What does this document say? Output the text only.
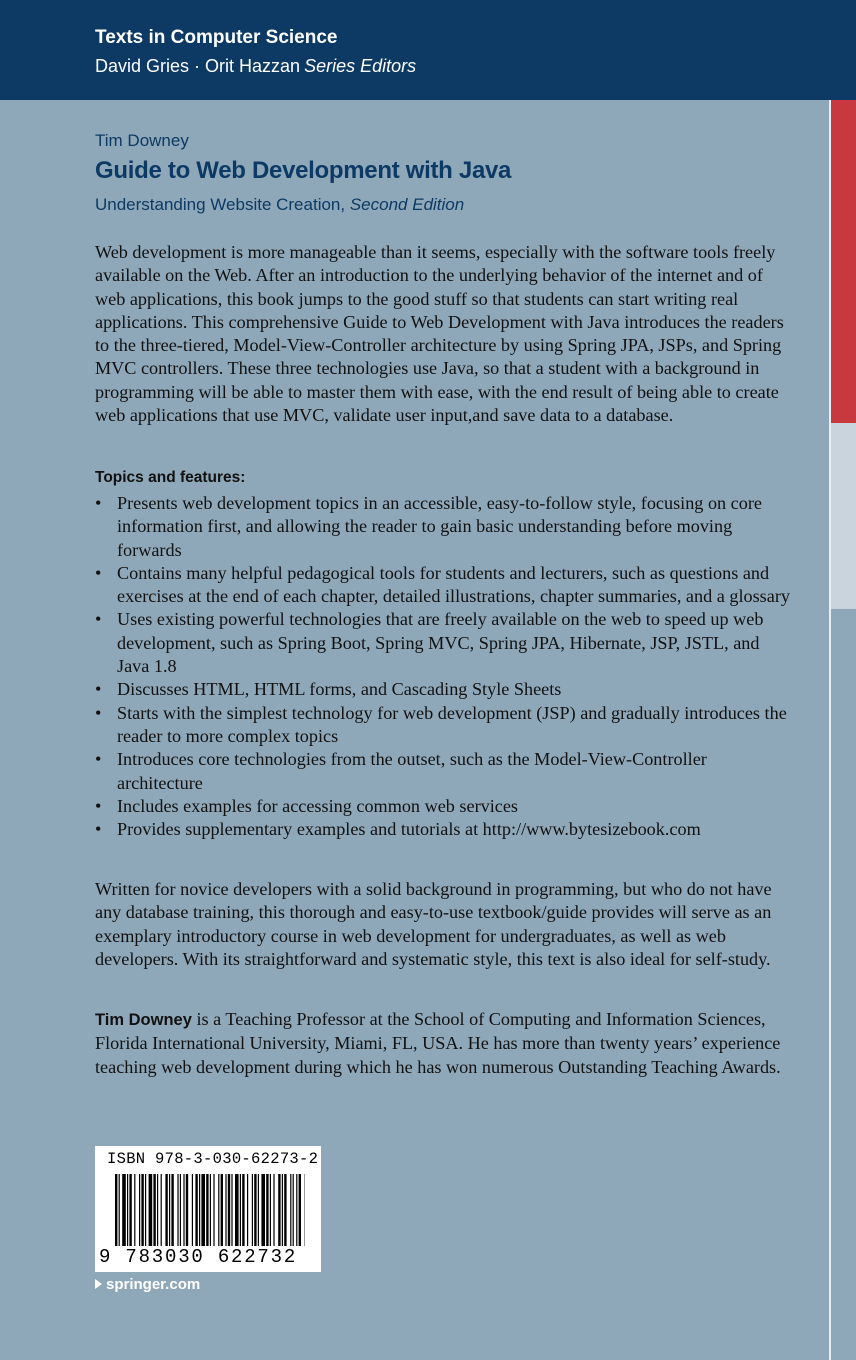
Texts in Computer Science
David Gries · Orit Hazzan Series Editors
Tim Downey
Guide to Web Development with Java
Understanding Website Creation, Second Edition
Web development is more manageable than it seems, especially with the software tools freely available on the Web. After an introduction to the underlying behavior of the internet and of web applications, this book jumps to the good stuff so that students can start writing real applications. This comprehensive Guide to Web Development with Java introduces the readers to the three-tiered, Model-View-Controller architecture by using Spring JPA, JSPs, and Spring MVC controllers. These three technologies use Java, so that a student with a background in programming will be able to master them with ease, with the end result of being able to create web applications that use MVC, validate user input,and save data to a database.
Topics and features:
• Presents web development topics in an accessible, easy-to-follow style, focusing on core information first, and allowing the reader to gain basic understanding before moving forwards
• Contains many helpful pedagogical tools for students and lecturers, such as questions and exercises at the end of each chapter, detailed illustrations, chapter summaries, and a glossary
• Uses existing powerful technologies that are freely available on the web to speed up web development, such as Spring Boot, Spring MVC, Spring JPA, Hibernate, JSP, JSTL, and Java 1.8
• Discusses HTML, HTML forms, and Cascading Style Sheets
• Starts with the simplest technology for web development (JSP) and gradually introduces the reader to more complex topics
• Introduces core technologies from the outset, such as the Model-View-Controller architecture
• Includes examples for accessing common web services
• Provides supplementary examples and tutorials at http://www.bytesizebook.com
Written for novice developers with a solid background in programming, but who do not have any database training, this thorough and easy-to-use textbook/guide provides will serve as an exemplary introductory course in web development for undergraduates, as well as web developers. With its straightforward and systematic style, this text is also ideal for self-study.
Tim Downey is a Teaching Professor at the School of Computing and Information Sciences, Florida International University, Miami, FL, USA. He has more than twenty years’ experience teaching web development during which he has won numerous Outstanding Teaching Awards.
ISBN 978-3-030-62273-2
9 783030 622732
springer.com
